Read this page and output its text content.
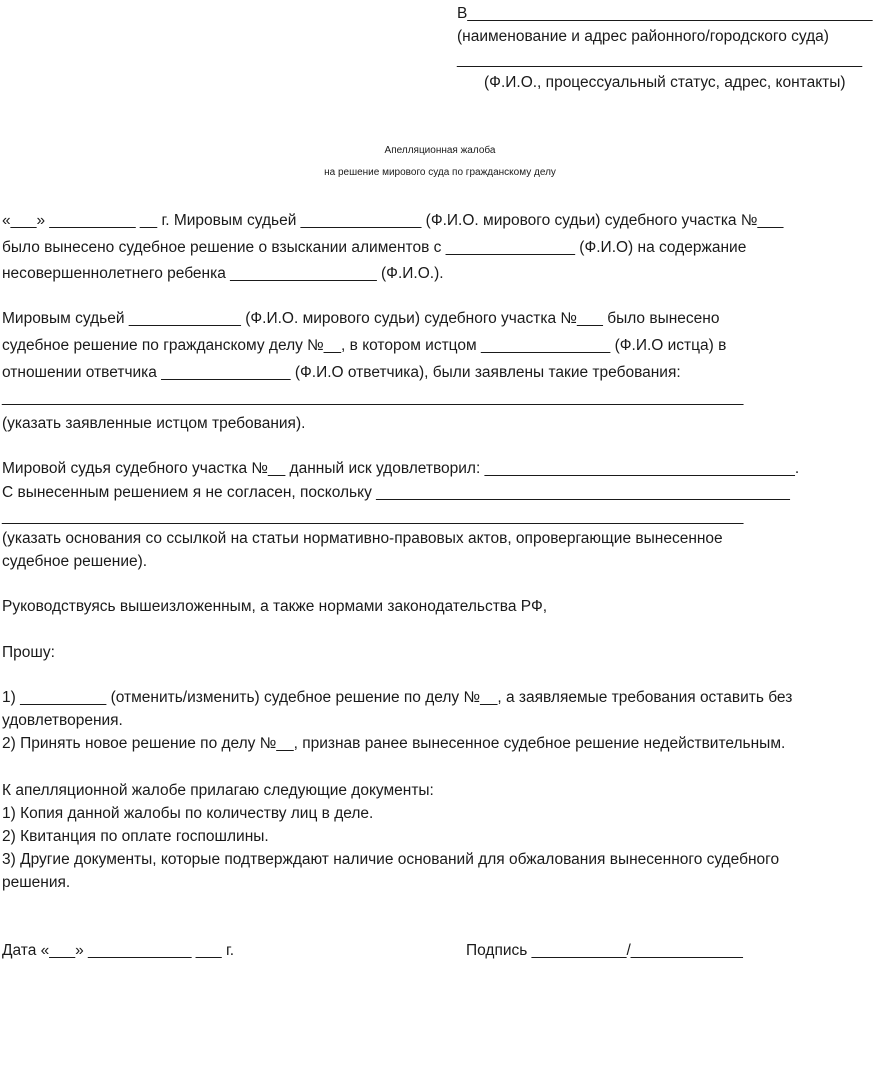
В_______________________________________________

(наименование и адрес районного/городского суда)

_______________________________________________

(Ф.И.О., процессуальный статус, адрес, контакты)

Апелляционная жалоба

на решение мирового суда по гражданскому делу

«___» __________ __ г. Мировым судьей ______________ (Ф.И.О. мирового судьи) судебного участка №___

было вынесено судебное решение о взыскании алиментов с _______________ (Ф.И.О) на содержание

несовершеннолетнего ребенка _________________ (Ф.И.О.).

Мировым судьей _____________ (Ф.И.О. мирового судьи) судебного участка №___ было вынесено

судебное решение по гражданскому делу №__, в котором истцом _______________ (Ф.И.О истца) в

отношении ответчика _______________ (Ф.И.О ответчика), были заявлены такие требования:

______________________________________________________________________________________

(указать заявленные истцом требования).

Мировой судья судебного участка №__ данный иск удовлетворил: ____________________________________.

С вынесенным решением я не согласен, поскольку ________________________________________________

______________________________________________________________________________________

(указать основания со ссылкой на статьи нормативно-правовых актов, опровергающие вынесенное

судебное решение).

Руководствуясь вышеизложенным, а также нормами законодательства РФ,

Прошу:

1) __________ (отменить/изменить) судебное решение по делу №__, а заявляемые требования оставить без

удовлетворения.

2) Принять новое решение по делу №__, признав ранее вынесенное судебное решение недействительным.

К апелляционной жалобе прилагаю следующие документы:

1) Копия данной жалобы по количеству лиц в деле.

2) Квитанция по оплате госпошлины.

3) Другие документы, которые подтверждают наличие оснований для обжалования вынесенного судебного

решения.

Дата «___» ____________ ___ г.	Подпись ___________/_____________
